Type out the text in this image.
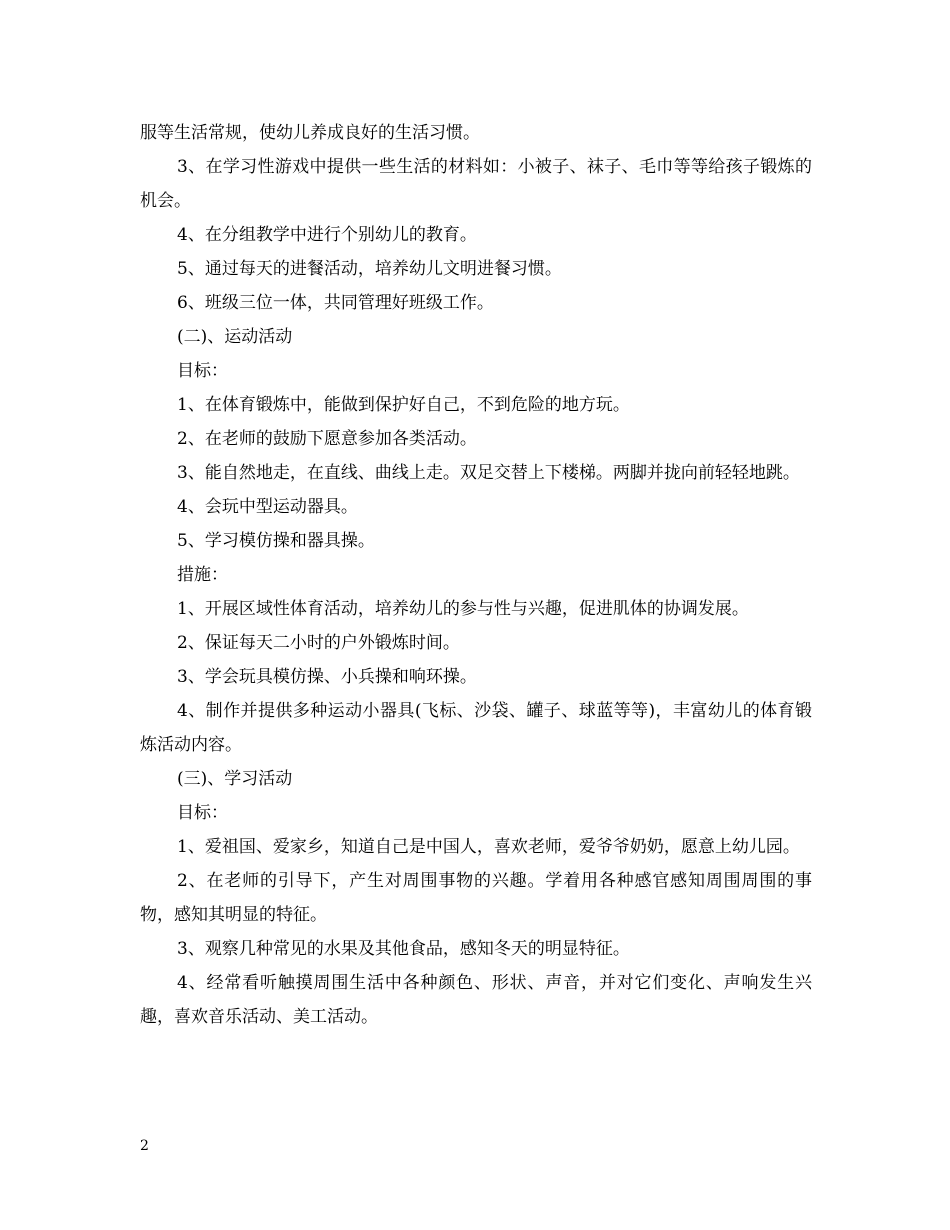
服等生活常规，使幼儿养成良好的生活习惯。

3、在学习性游戏中提供一些生活的材料如：小被子、袜子、毛巾等等给孩子锻炼的机会。

4、在分组教学中进行个别幼儿的教育。

5、通过每天的进餐活动，培养幼儿文明进餐习惯。

6、班级三位一体，共同管理好班级工作。

(二)、运动活动

目标：

1、在体育锻炼中，能做到保护好自己，不到危险的地方玩。

2、在老师的鼓励下愿意参加各类活动。

3、能自然地走，在直线、曲线上走。双足交替上下楼梯。两脚并拢向前轻轻地跳。

4、会玩中型运动器具。

5、学习模仿操和器具操。

措施：

1、开展区域性体育活动，培养幼儿的参与性与兴趣，促进肌体的协调发展。

2、保证每天二小时的户外锻炼时间。

3、学会玩具模仿操、小兵操和响环操。

4、制作并提供多种运动小器具(飞标、沙袋、罐子、球蓝等等)，丰富幼儿的体育锻炼活动内容。

(三)、学习活动

目标：

1、爱祖国、爱家乡，知道自己是中国人，喜欢老师，爱爷爷奶奶，愿意上幼儿园。

2、在老师的引导下，产生对周围事物的兴趣。学着用各种感官感知周围周围的事物，感知其明显的特征。

3、观察几种常见的水果及其他食品，感知冬天的明显特征。

4、经常看听触摸周围生活中各种颜色、形状、声音，并对它们变化、声响发生兴趣，喜欢音乐活动、美工活动。

2
